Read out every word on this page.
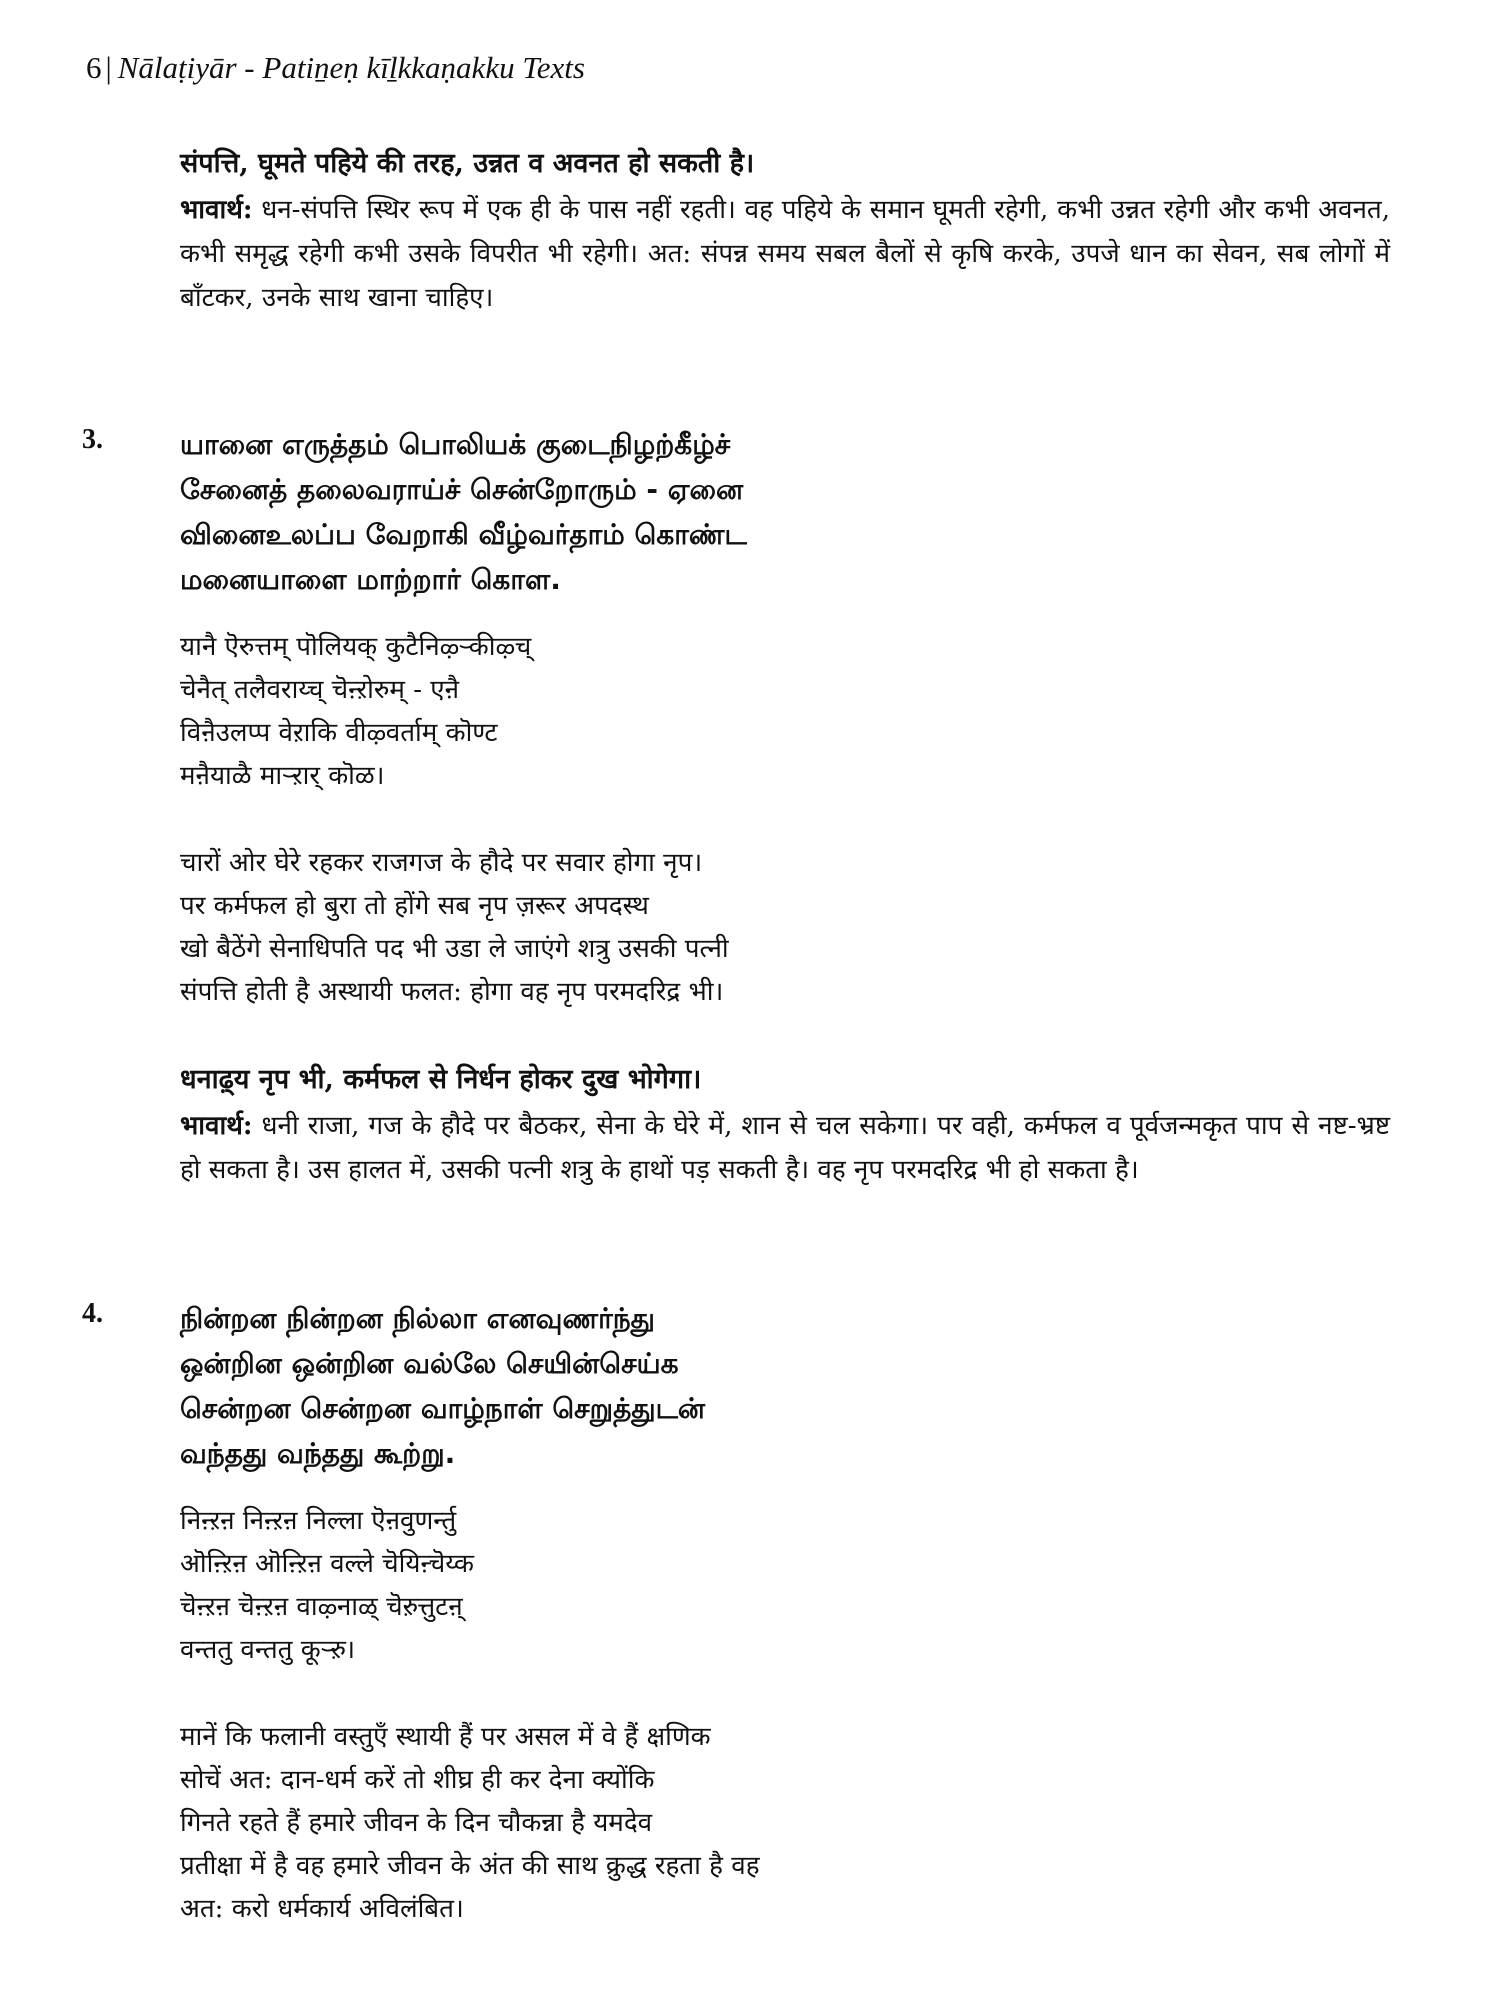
6 | Nālaṭiyār - Patiṉeṇ kīḻkkaṇakku Texts
संपत्ति, घूमते पहिये की तरह, उन्नत व अवनत हो सकती है।
भावार्थ: धन-संपत्ति स्थिर रूप में एक ही के पास नहीं रहती। वह पहिये के समान घूमती रहेगी, कभी उन्नत रहेगी और कभी अवनत, कभी समृद्ध रहेगी कभी उसके विपरीत भी रहेगी। अत: संपन्न समय सबल बैलों से कृषि करके, उपजे धान का सेवन, सब लोगों में बाँटकर, उनके साथ खाना चाहिए।
3.	யானை எருத்தம் பொலியக் குடைநிழற்கீழ்ச்
சேனைத் தலைவராய்ச் சென்றோரும் - ஏனை
வினைஉலப்ப வேறாகி வீழ்வர்தாம் கொண்ட
மனையாளை மாற்றார் கொள.
यानै ऎरुत्तम् पॊलियक् कुटैनिऴ्ऱ्कीऴ्च्
चेनैत् तलैवराय्च् चॆऩ्ऱोरुम् - एऩै
विऩैउलप्प वेऱाकि वीऴ्वर्ताम् कॊण्ट
मऩैयाळै माऱ्ऱार् कॊळ।
चारों ओर घेरे रहकर राजगज के हौदे पर सवार होगा नृप।
पर कर्मफल हो बुरा तो होंगे सब नृप ज़रूर अपदस्थ
खो बैठेंगे सेनाधिपति पद भी उडा ले जाएंगे शत्रु उसकी पत्नी
संपत्ति होती है अस्थायी फलत: होगा वह नृप परमदरिद्र भी।
धनाढ़्य नृप भी, कर्मफल से निर्धन होकर दुख भोगेगा।
भावार्थ: धनी राजा, गज के हौदे पर बैठकर, सेना के घेरे में, शान से चल सकेगा। पर वही, कर्मफल व पूर्वजन्मकृत पाप से नष्ट-भ्रष्ट हो सकता है। उस हालत में, उसकी पत्नी शत्रु के हाथों पड़ सकती है। वह नृप परमदरिद्र भी हो सकता है।
4.	நின்றன நின்றன நில்லா எனவுணர்ந்து
ஒன்றின ஒன்றின வல்லே செயின்செய்க
சென்றன சென்றன வாழ்நாள் செறுத்துடன்
வந்தது வந்தது கூற்று.
निऩ्ऱऩ निऩ्ऱऩ निल्ला ऎऩवुणर्न्तु
ऒऩ्ऱिऩ ऒऩ्ऱिऩ वल्ले चॆयिऩ्चॆय्क
चॆऩ्ऱऩ चॆऩ्ऱऩ वाऴ्नाळ् चॆऱुत्तुटऩ्
वन्ततु वन्ततु कूऱ्ऱु।
मानें कि फलानी वस्तुएँ स्थायी हैं पर असल में वे हैं क्षणिक
सोचें अत: दान-धर्म करें तो शीघ्र ही कर देना क्योंकि
गिनते रहते हैं हमारे जीवन के दिन चौकन्ना है यमदेव
प्रतीक्षा में है वह हमारे जीवन के अंत की साथ क्रुद्ध रहता है वह
अत: करो धर्मकार्य अविलंबित।
